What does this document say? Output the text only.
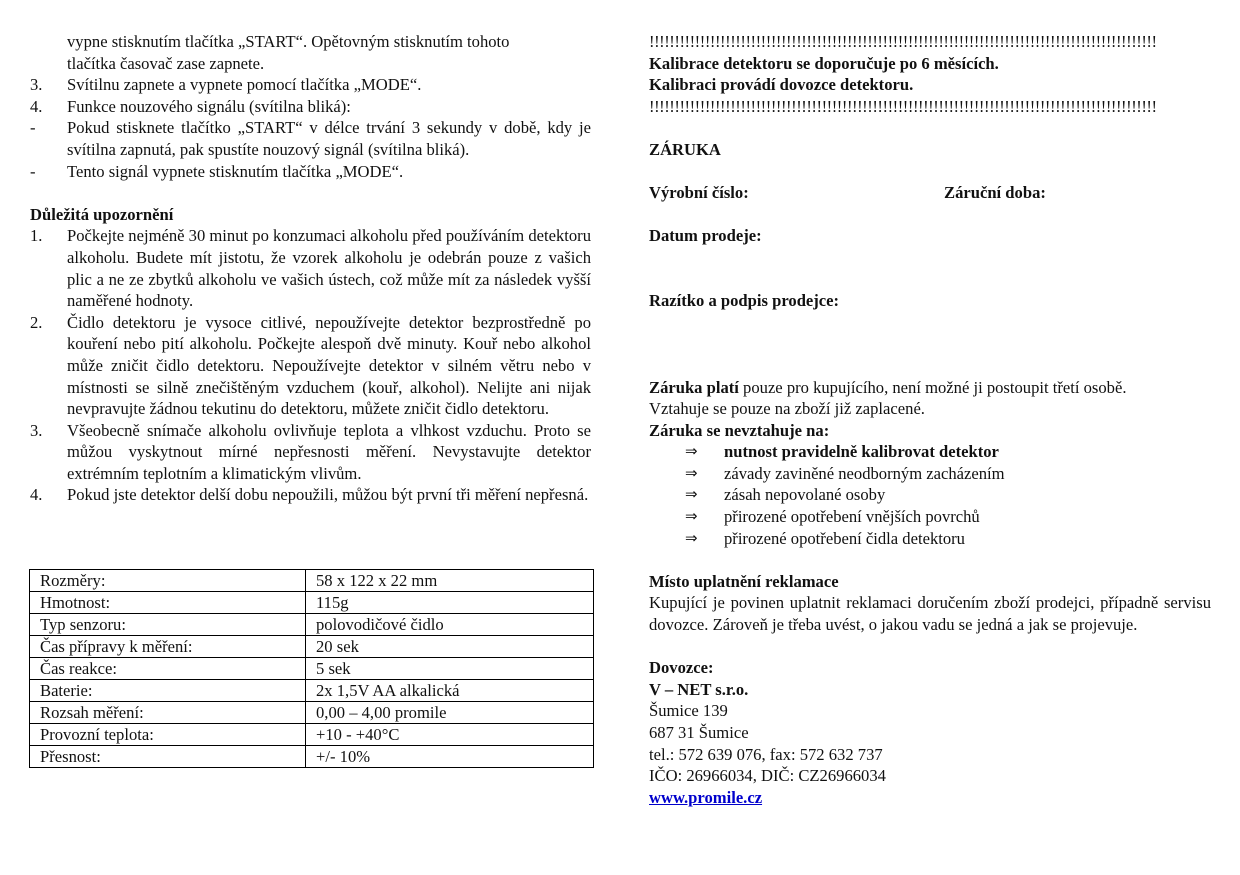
vypne stisknutím tlačítka „START“. Opětovným stisknutím tohoto

tlačítka časovač zase zapnete.

3.	Svítilnu zapnete a vypnete pomocí tlačítka „MODE“.
4.	Funkce nouzového signálu (svítilna bliká):
-	Pokud stisknete tlačítko „START“ v délce trvání 3 sekundy v době, kdy je svítilna zapnutá, pak spustíte nouzový signál (svítilna bliká).
-	Tento signál vypnete stisknutím tlačítka „MODE“.

Důležitá upozornění

1.	Počkejte nejméně 30 minut po konzumaci alkoholu před používáním detektoru alkoholu. Budete mít jistotu, že vzorek alkoholu je odebrán pouze z vašich plic a ne ze zbytků alkoholu ve vašich ústech, což může mít za následek vyšší naměřené hodnoty.
2.	Čidlo detektoru je vysoce citlivé, nepoužívejte detektor bezprostředně po kouření nebo pití alkoholu. Počkejte alespoň dvě minuty. Kouř nebo alkohol může zničit čidlo detektoru. Nepoužívejte detektor v silném větru nebo v místnosti se silně znečištěným vzduchem (kouř, alkohol). Nelijte ani nijak nevpravujte žádnou tekutinu do detektoru, můžete zničit čidlo detektoru.
3.	Všeobecně snímače alkoholu ovlivňuje teplota a vlhkost vzduchu. Proto se můžou vyskytnout mírné nepřesnosti měření. Nevystavujte detektor extrémním teplotním a klimatickým vlivům.
4.	Pokud jste detektor delší dobu nepoužili, můžou být první tři měření nepřesná.
Rozměry:	58 x 122 x 22 mm
Hmotnost:	115g
Typ senzoru:	polovodičové čidlo
Čas přípravy k měření:	20 sek
Čas reakce:	5 sek
Baterie:	2x 1,5V AA alkalická
Rozsah měření:	0,00 – 4,00 promile
Provozní teplota:	+10 - +40°C
Přesnost:	+/- 10%

!!!!!!!!!!!!!!!!!!!!!!!!!!!!!!!!!!!!!!!!!!!!!!!!!!!!!!!!!!!!!!!!!!!!!!!!!!!!!!!!!!!!!!!!!!!!!!!!!!!!

Kalibrace detektoru se doporučuje po 6 měsících.

Kalibraci provádí dovozce detektoru.

!!!!!!!!!!!!!!!!!!!!!!!!!!!!!!!!!!!!!!!!!!!!!!!!!!!!!!!!!!!!!!!!!!!!!!!!!!!!!!!!!!!!!!!!!!!!!!!!!!!!

ZÁRUKA

Výrobní číslo:	Záruční doba:

Datum prodeje:

Razítko a podpis prodejce:

Záruka platí pouze pro kupujícího, není možné ji postoupit třetí osobě.

Vztahuje se pouze na zboží již zaplacené.

Záruka se nevztahuje na:

⇒	nutnost pravidelně kalibrovat detektor
⇒	závady zaviněné neodborným zacházením
⇒	zásah nepovolané osoby
⇒	přirozené opotřebení vnějších povrchů
⇒	přirozené opotřebení čidla detektoru

Místo uplatnění reklamace

Kupující je povinen uplatnit reklamaci doručením zboží prodejci, případně servisu dovozce. Zároveň je třeba uvést, o jakou vadu se jedná a jak se projevuje.

Dovozce:

V – NET s.r.o.

Šumice 139

687 31 Šumice

tel.: 572 639 076, fax: 572 632 737

IČO: 26966034, DIČ: CZ26966034

www.promile.cz
